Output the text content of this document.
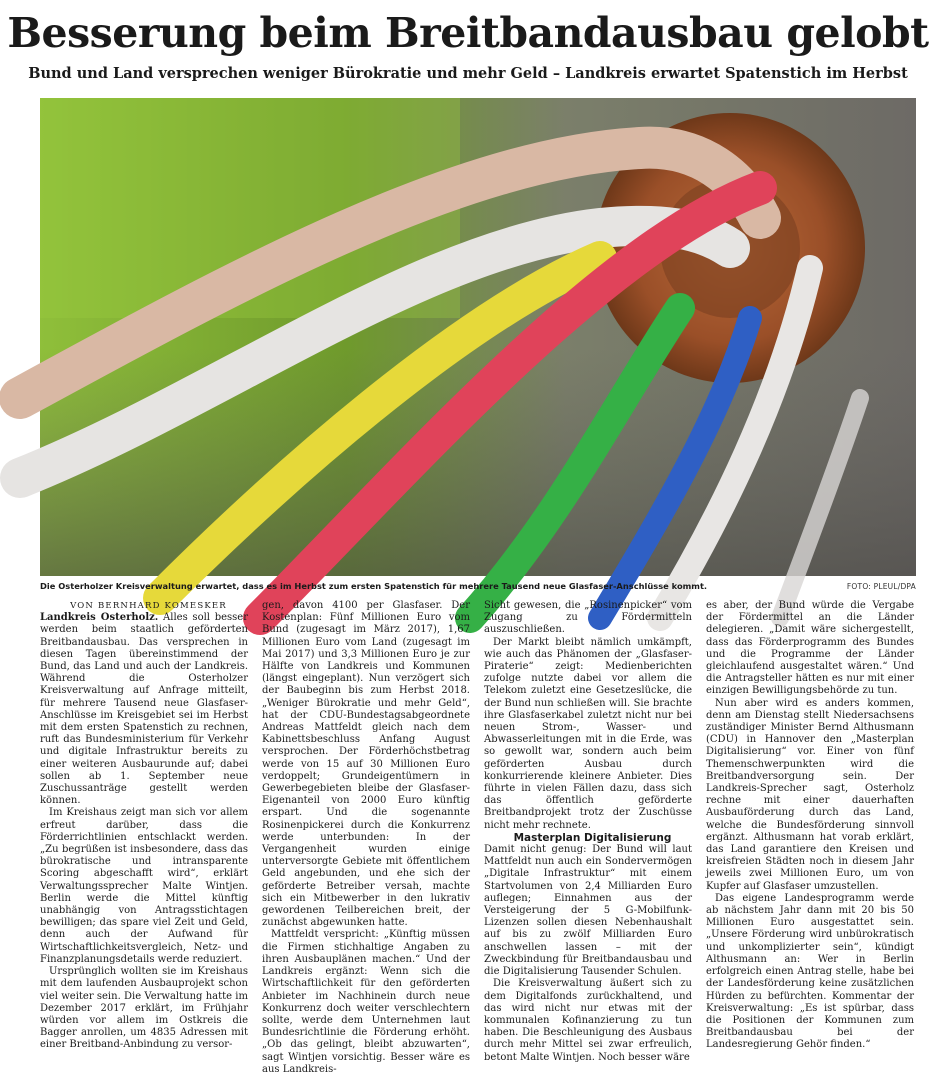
Besserung beim Breitbandausbau gelobt
Bund und Land versprechen weniger Bürokratie und mehr Geld – Landkreis erwartet Spatenstich im Herbst
Die Osterholzer Kreisverwaltung erwartet, dass es im Herbst zum ersten Spatenstich für mehrere Tausend neue Glasfaser-Anschlüsse kommt.	FOTO: PLEUL/DPA

VON BERNHARD KOMESKER

Landkreis Osterholz. Alles soll besser werden beim staatlich geförderten Breitbandausbau. Das versprechen in diesen Tagen übereinstimmend der Bund, das Land und auch der Landkreis. Während die Osterholzer Kreisverwaltung auf Anfrage mitteilt, für mehrere Tausend neue Glasfaser-Anschlüsse im Kreisgebiet sei im Herbst mit dem ersten Spatenstich zu rechnen, ruft das Bundesministerium für Verkehr und digitale Infrastruktur bereits zu einer weiteren Ausbaurunde auf; dabei sollen ab 1. September neue Zuschussanträge gestellt werden können.

Im Kreishaus zeigt man sich vor allem erfreut darüber, dass die Förderrichtlinien entschlackt werden. „Zu begrüßen ist insbesondere, dass das bürokratische und intransparente Scoring abgeschafft wird“, erklärt Verwaltungssprecher Malte Wintjen. Berlin werde die Mittel künftig unabhängig von Antragsstichtagen bewilligen; das spare viel Zeit und Geld, denn auch der Aufwand für Wirtschaftlichkeitsvergleich, Netz- und Finanzplanungsdetails werde reduziert.

Ursprünglich wollten sie im Kreishaus mit dem laufenden Ausbauprojekt schon viel weiter sein. Die Verwaltung hatte im Dezember 2017 erklärt, im Frühjahr würden vor allem im Ostkreis die Bagger anrollen, um 4835 Adressen mit einer Breitband-Anbindung zu versor-

gen, davon 4100 per Glasfaser. Der Kostenplan: Fünf Millionen Euro vom Bund (zugesagt im März 2017), 1,67 Millionen Euro vom Land (zugesagt im Mai 2017) und 3,3 Millionen Euro je zur Hälfte von Landkreis und Kommunen (längst eingeplant). Nun verzögert sich der Baubeginn bis zum Herbst 2018. „Weniger Bürokratie und mehr Geld“, hat der CDU-Bundestagsabgeordnete Andreas Mattfeldt gleich nach dem Kabinettsbeschluss Anfang August versprochen. Der Förderhöchstbetrag werde von 15 auf 30 Millionen Euro verdoppelt; Grundeigentümern in Gewerbegebieten bleibe der Glasfaser-Eigenanteil von 2000 Euro künftig erspart. Und die sogenannte Rosinenpickerei durch die Konkurrenz werde unterbunden: In der Vergangenheit wurden einige unterversorgte Gebiete mit öffentlichem Geld angebunden, und ehe sich der geförderte Betreiber versah, machte sich ein Mitbewerber in den lukrativ gewordenen Teilbereichen breit, der zunächst abgewunken hatte.

Mattfeldt verspricht: „Künftig müssen die Firmen stichhaltige Angaben zu ihren Ausbauplänen machen.“ Und der Landkreis ergänzt: Wenn sich die Wirtschaftlichkeit für den geförderten Anbieter im Nachhinein durch neue Konkurrenz doch weiter verschlechtern sollte, werde dem Unternehmen laut Bundesrichtlinie die Förderung erhöht. „Ob das gelingt, bleibt abzuwarten“, sagt Wintjen vorsichtig. Besser wäre es aus Landkreis-

Sicht gewesen, die „Rosinenpicker“ vom Zugang zu Fördermitteln auszuschließen.

Der Markt bleibt nämlich umkämpft, wie auch das Phänomen der „Glasfaser-Piraterie“ zeigt: Medienberichten zufolge nutzte dabei vor allem die Telekom zuletzt eine Gesetzeslücke, die der Bund nun schließen will. Sie brachte ihre Glasfaserkabel zuletzt nicht nur bei neuen Strom-, Wasser- und Abwasserleitungen mit in die Erde, was so gewollt war, sondern auch beim geförderten Ausbau durch konkurrierende kleinere Anbieter. Dies führte in vielen Fällen dazu, dass sich das öffentlich geförderte Breitbandprojekt trotz der Zuschüsse nicht mehr rechnete.

Masterplan Digitalisierung

Damit nicht genug: Der Bund will laut Mattfeldt nun auch ein Sondervermögen „Digitale Infrastruktur“ mit einem Startvolumen von 2,4 Milliarden Euro auflegen; Einnahmen aus der Versteigerung der 5 G-Mobilfunk-Lizenzen sollen diesen Nebenhaushalt auf bis zu zwölf Milliarden Euro anschwellen lassen – mit der Zweckbindung für Breitbandausbau und die Digitalisierung Tausender Schulen.

Die Kreisverwaltung äußert sich zu dem Digitalfonds zurückhaltend, und das wird nicht nur etwas mit der kommunalen Kofinanzierung zu tun haben. Die Beschleunigung des Ausbaus durch mehr Mittel sei zwar erfreulich, betont Malte Wintjen. Noch besser wäre

es aber, der Bund würde die Vergabe der Fördermittel an die Länder delegieren. „Damit wäre sichergestellt, dass das Förderprogramm des Bundes und die Programme der Länder gleichlaufend ausgestaltet wären.“ Und die Antragsteller hätten es nur mit einer einzigen Bewilligungsbehörde zu tun.

Nun aber wird es anders kommen, denn am Dienstag stellt Niedersachsens zuständiger Minister Bernd Althusmann (CDU) in Hannover den „Masterplan Digitalisierung“ vor. Einer von fünf Themenschwerpunkten wird die Breitbandversorgung sein. Der Landkreis-Sprecher sagt, Osterholz rechne mit einer dauerhaften Ausbauförderung durch das Land, welche die Bundesförderung sinnvoll ergänzt. Althusmann hat vorab erklärt, das Land garantiere den Kreisen und kreisfreien Städten noch in diesem Jahr jeweils zwei Millionen Euro, um von Kupfer auf Glasfaser umzustellen.

Das eigene Landesprogramm werde ab nächstem Jahr dann mit 20 bis 50 Millionen Euro ausgestattet sein. „Unsere Förderung wird unbürokratisch und unkomplizierter sein“, kündigt Althusmann an: Wer in Berlin erfolgreich einen Antrag stelle, habe bei der Landesförderung keine zusätzlichen Hürden zu befürchten. Kommentar der Kreisverwaltung: „Es ist spürbar, dass die Positionen der Kommunen zum Breitbandausbau bei der Landesregierung Gehör finden.“
